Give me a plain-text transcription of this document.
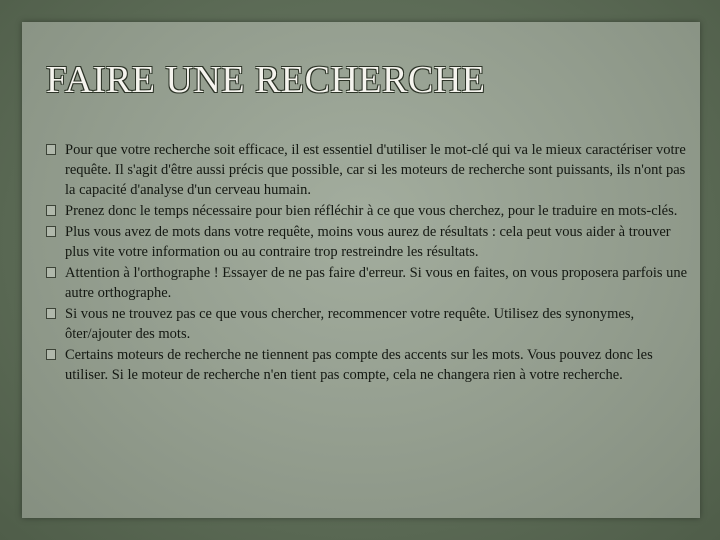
FAIRE UNE RECHERCHE
Pour que votre recherche soit efficace, il est essentiel d'utiliser le mot-clé qui va le mieux caractériser votre requête. Il s'agit d'être aussi précis que possible, car si les moteurs de recherche sont puissants, ils n'ont pas la capacité d'analyse d'un cerveau humain.
Prenez donc le temps nécessaire pour bien réfléchir à ce que vous cherchez, pour le traduire en mots-clés.
Plus vous avez de mots dans votre requête, moins vous aurez de résultats : cela peut vous aider à trouver plus vite votre information ou au contraire trop restreindre les résultats.
Attention à l'orthographe ! Essayer de ne pas faire d'erreur. Si vous en faites, on vous proposera parfois une autre orthographe.
Si vous ne trouvez pas ce que vous chercher, recommencer votre requête. Utilisez des synonymes, ôter/ajouter des mots.
Certains moteurs de recherche ne tiennent pas compte des accents sur les mots. Vous pouvez donc les utiliser. Si le moteur de recherche n'en tient pas compte, cela ne changera rien à votre recherche.
